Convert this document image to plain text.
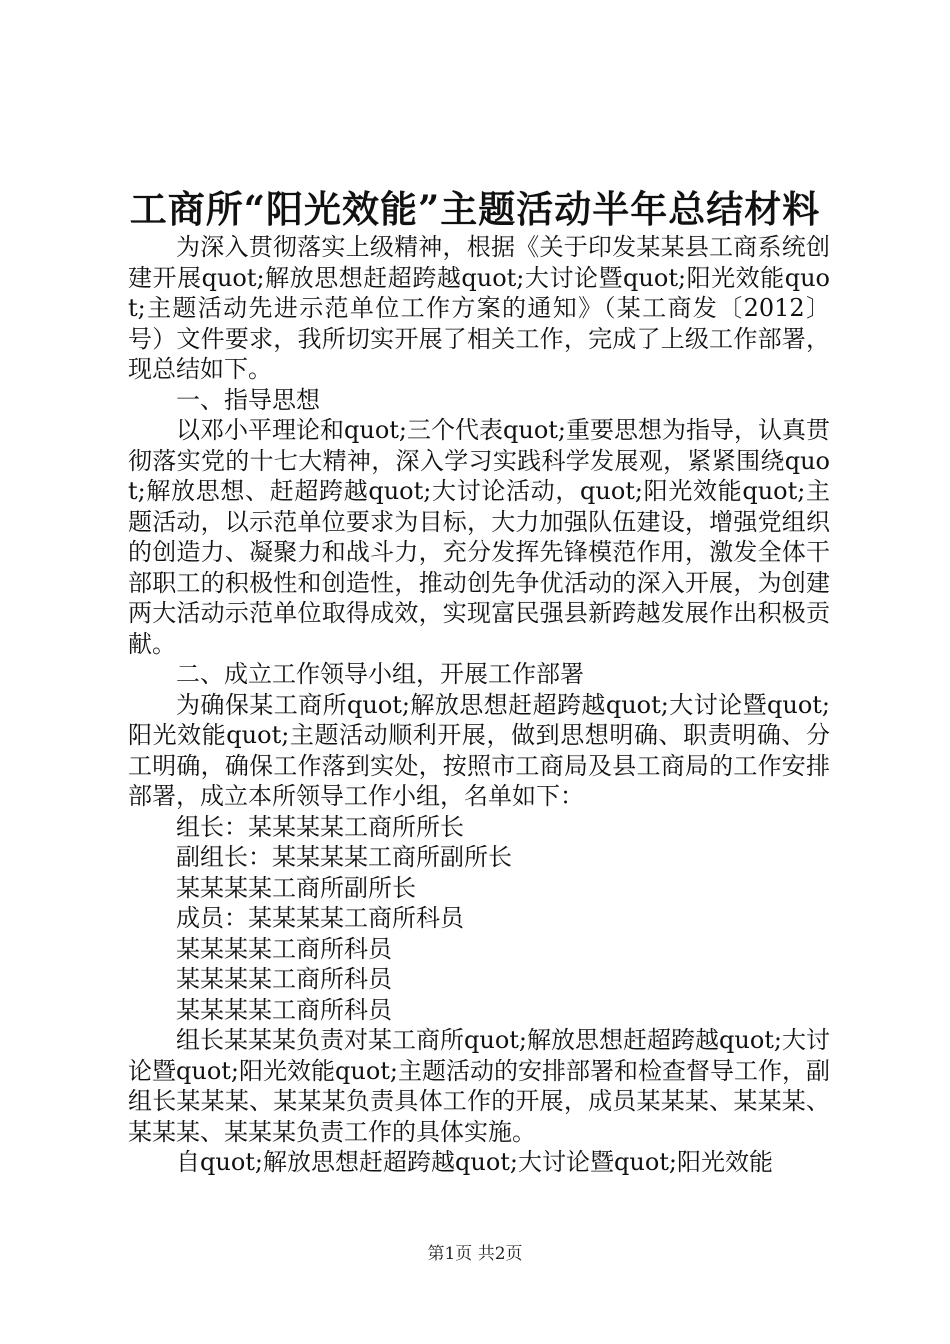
工商所“阳光效能”主题活动半年总结材料

为深入贯彻落实上级精神，根据《关于印发某某县工商系统创建开展quot;解放思想赶超跨越quot;大讨论暨quot;阳光效能quot;主题活动先进示范单位工作方案的通知》（某工商发〔2012〕号）文件要求，我所切实开展了相关工作，完成了上级工作部署，现总结如下。

一、指导思想

以邓小平理论和quot;三个代表quot;重要思想为指导，认真贯彻落实党的十七大精神，深入学习实践科学发展观，紧紧围绕quot;解放思想、赶超跨越quot;大讨论活动，quot;阳光效能quot;主题活动，以示范单位要求为目标，大力加强队伍建设，增强党组织的创造力、凝聚力和战斗力，充分发挥先锋模范作用，激发全体干部职工的积极性和创造性，推动创先争优活动的深入开展，为创建两大活动示范单位取得成效，实现富民强县新跨越发展作出积极贡献。

二、成立工作领导小组，开展工作部署

为确保某工商所quot;解放思想赶超跨越quot;大讨论暨quot;阳光效能quot;主题活动顺利开展，做到思想明确、职责明确、分工明确，确保工作落到实处，按照市工商局及县工商局的工作安排部署，成立本所领导工作小组，名单如下：

组长：某某某某工商所所长
副组长：某某某某工商所副所长
某某某某工商所副所长
成员：某某某某工商所科员
某某某某工商所科员
某某某某工商所科员
某某某某工商所科员

组长某某某负责对某工商所quot;解放思想赶超跨越quot;大讨论暨quot;阳光效能quot;主题活动的安排部署和检查督导工作，副组长某某某、某某某负责具体工作的开展，成员某某某、某某某、某某某、某某某负责工作的具体实施。

自quot;解放思想赶超跨越quot;大讨论暨quot;阳光效能

第1页 共2页
